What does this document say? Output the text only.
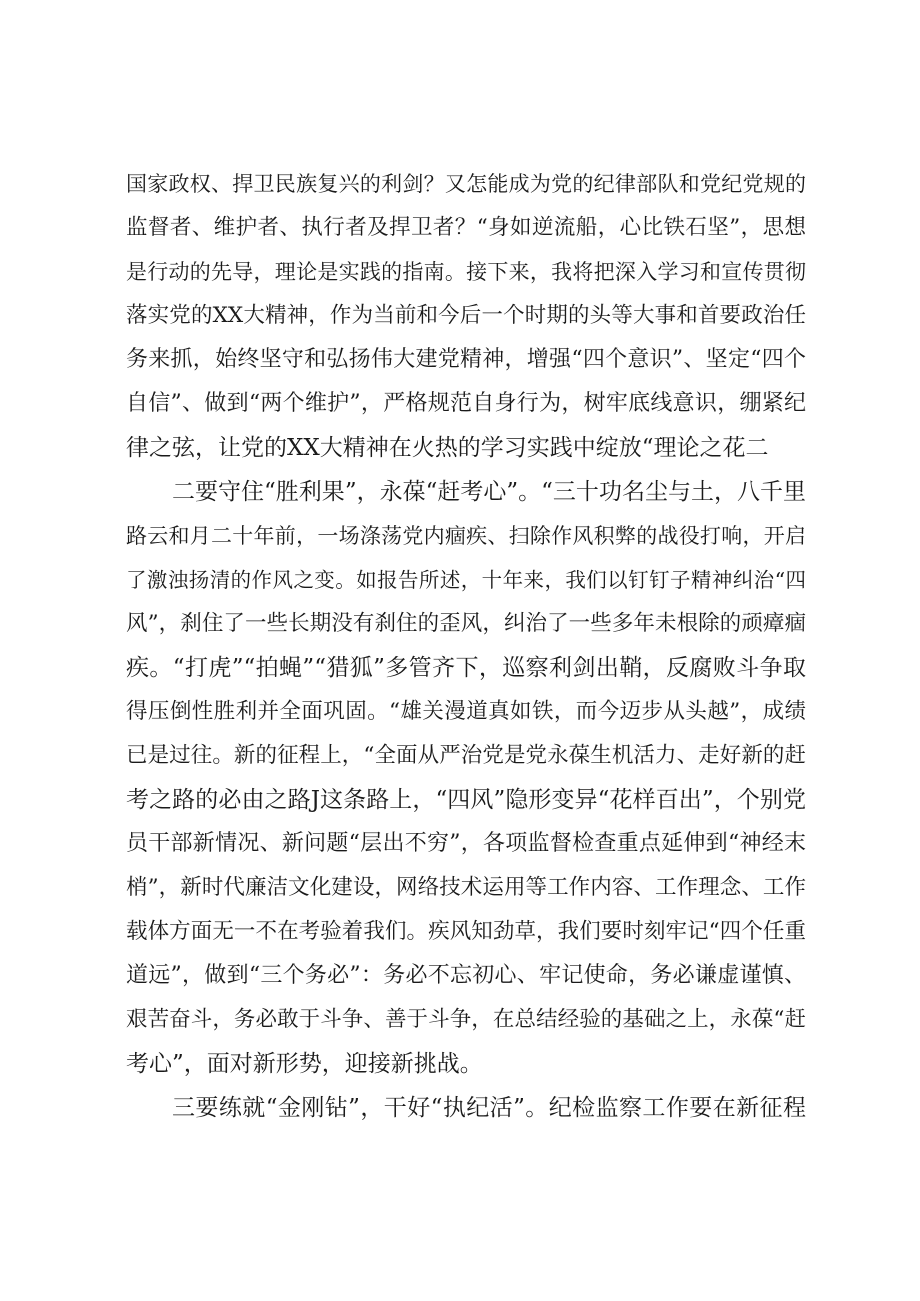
国家政权、捍卫民族复兴的利剑？又怎能成为党的纪律部队和党纪党规的
监督者、维护者、执行者及捍卫者？“身如逆流船，心比铁石坚”，思想
是行动的先导，理论是实践的指南。接下来，我将把深入学习和宣传贯彻
落实党的XX大精神，作为当前和今后一个时期的头等大事和首要政治任
务来抓，始终坚守和弘扬伟大建党精神，增强“四个意识”、坚定“四个
自信”、做到“两个维护”，严格规范自身行为，树牢底线意识，绷紧纪
律之弦，让党的XX大精神在火热的学习实践中绽放“理论之花二
二要守住“胜利果”，永葆“赶考心”。“三十功名尘与土，八千里
路云和月二十年前，一场涤荡党内痼疾、扫除作风积弊的战役打响，开启
了激浊扬清的作风之变。如报告所述，十年来，我们以钉钉子精神纠治“四
风”，刹住了一些长期没有刹住的歪风，纠治了一些多年未根除的顽瘴痼
疾。“打虎”“拍蝇”“猎狐”多管齐下，巡察利剑出鞘，反腐败斗争取
得压倒性胜利并全面巩固。“雄关漫道真如铁，而今迈步从头越”，成绩
已是过往。新的征程上，“全面从严治党是党永葆生机活力、走好新的赶
考之路的必由之路J这条路上，“四风”隐形变异“花样百出”，个别党
员干部新情况、新问题“层出不穷”，各项监督检查重点延伸到“神经末
梢”，新时代廉洁文化建设，网络技术运用等工作内容、工作理念、工作
载体方面无一不在考验着我们。疾风知劲草，我们要时刻牢记“四个任重
道远”，做到“三个务必”：务必不忘初心、牢记使命，务必谦虚谨慎、
艰苦奋斗，务必敢于斗争、善于斗争，在总结经验的基础之上，永葆“赶
考心”，面对新形势，迎接新挑战。
三要练就“金刚钻”，干好“执纪活”。纪检监察工作要在新征程
